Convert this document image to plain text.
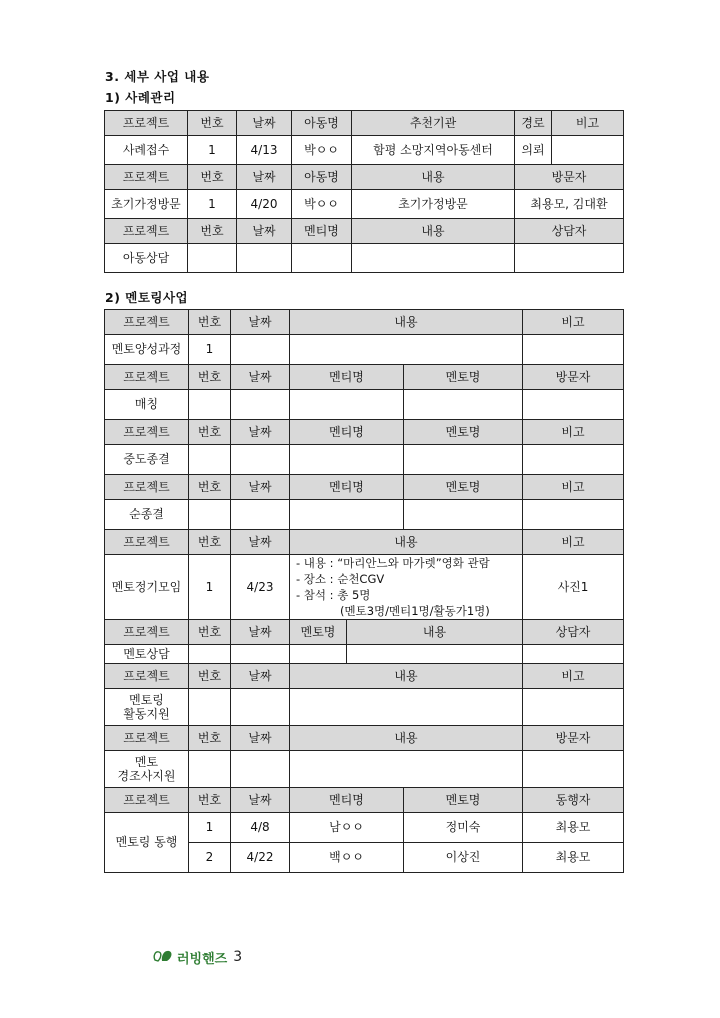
3. 세부 사업 내용
1) 사례관리
프로젝트	번호	날짜	아동명	추천기관	경로	비고
사례접수	1	4/13	박ㅇㅇ	함평 소망지역아동센터	의뢰	
프로젝트	번호	날짜	아동명	내용	방문자	
초기가정방문	1	4/20	박ㅇㅇ	초기가정방문	최용모, 김대환	
프로젝트	번호	날짜	멘티명	내용	상담자	
아동상담						
2) 멘토링사업
프로젝트	번호	날짜	내용			비고
멘토양성과정	1					
프로젝트	번호	날짜	멘티명		멘토명	방문자
매칭						
프로젝트	번호	날짜	멘티명		멘토명	비고
중도종결						
프로젝트	번호	날짜	멘티명		멘토명	비고
순종결						
프로젝트	번호	날짜	내용			비고
멘토정기모임	1	4/23	- 내용 : “마리안느와 마가렛”영화 관람
- 장소 : 순천CGV
- 참석 : 총 5명
(멘토3명/멘티1명/활동가1명)			사진1
프로젝트	번호	날짜	멘토명	내용		상담자
멘토상담						
프로젝트	번호	날짜	내용			비고

멘토링
활동지원						

프로젝트	번호	날짜	내용			방문자

멘토
경조사지원						

프로젝트	번호	날짜	멘티명		멘토명	동행자
멘토링 동행	1	4/8	남ㅇㅇ		정미숙	최용모
	2	4/22	백ㅇㅇ		이상진	최용모
러빙핸즈 3
